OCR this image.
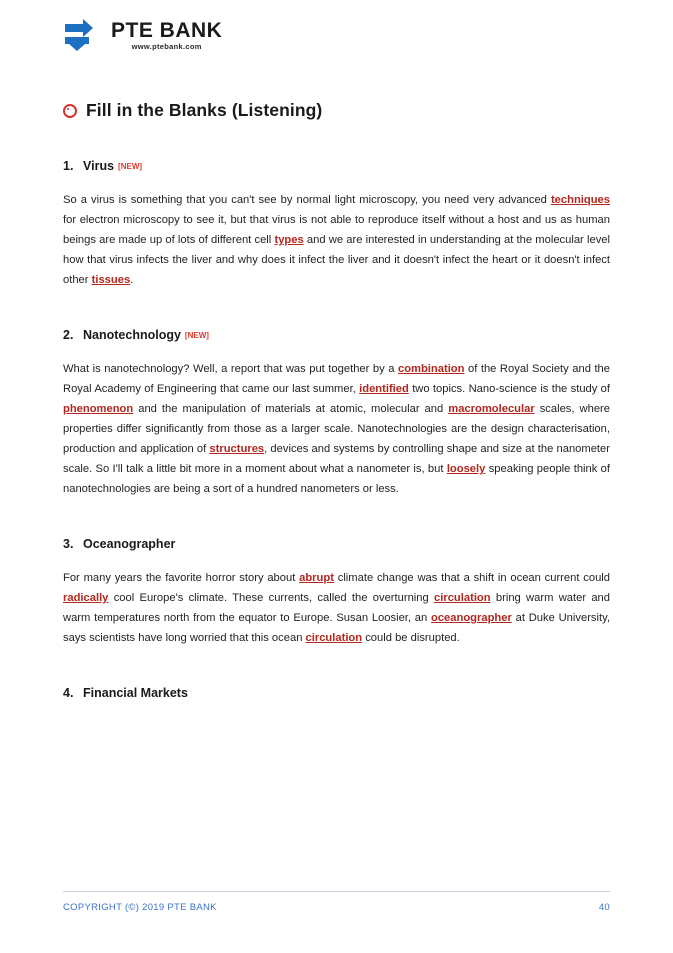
PTE BANK
www.ptebank.com
Fill in the Blanks (Listening)
1. Virus [NEW]
So a virus is something that you can't see by normal light microscopy, you need very advanced techniques for electron microscopy to see it, but that virus is not able to reproduce itself without a host and us as human beings are made up of lots of different cell types and we are interested in understanding at the molecular level how that virus infects the liver and why does it infect the liver and it doesn't infect the heart or it doesn't infect other tissues.
2. Nanotechnology [NEW]
What is nanotechnology? Well, a report that was put together by a combination of the Royal Society and the Royal Academy of Engineering that came our last summer, identified two topics. Nano-science is the study of phenomenon and the manipulation of materials at atomic, molecular and macromolecular scales, where properties differ significantly from those as a larger scale. Nanotechnologies are the design characterisation, production and application of structures, devices and systems by controlling shape and size at the nanometer scale. So I'll talk a little bit more in a moment about what a nanometer is, but loosely speaking people think of nanotechnologies are being a sort of a hundred nanometers or less.
3. Oceanographer
For many years the favorite horror story about abrupt climate change was that a shift in ocean current could radically cool Europe's climate. These currents, called the overturning circulation bring warm water and warm temperatures north from the equator to Europe. Susan Loosier, an oceanographer at Duke University, says scientists have long worried that this ocean circulation could be disrupted.
4. Financial Markets
COPYRIGHT (©) 2019 PTE BANK	40
